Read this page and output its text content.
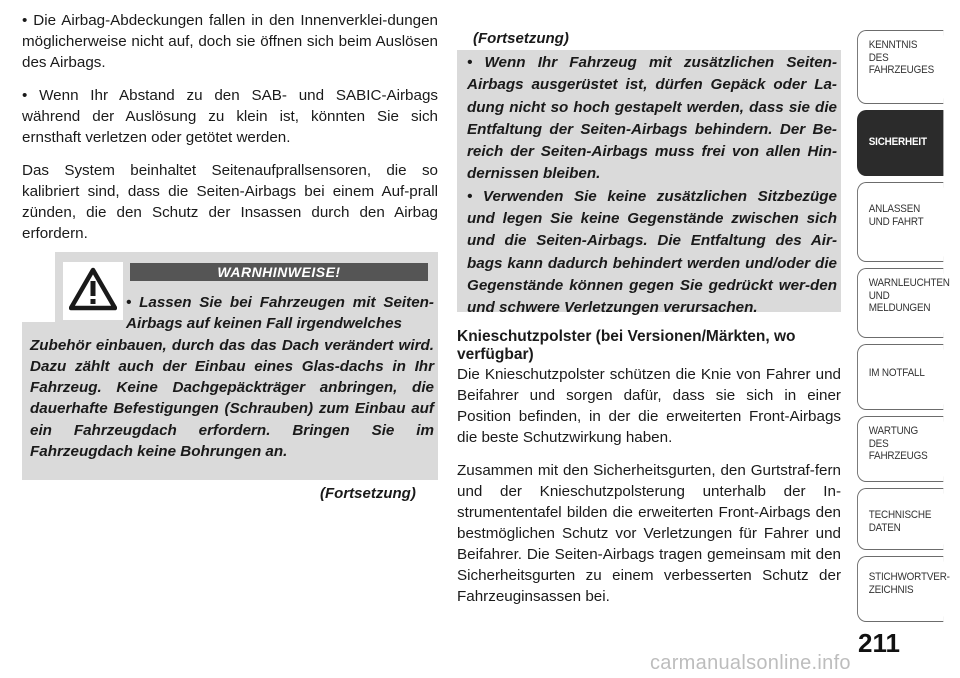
• Die Airbag-Abdeckungen fallen in den Innenverklei-dungen möglicherweise nicht auf, doch sie öffnen sich beim Auslösen des Airbags.

• Wenn Ihr Abstand zu den SAB- und SABIC-Airbags während der Auslösung zu klein ist, könnten Sie sich ernsthaft verletzen oder getötet werden.

Das System beinhaltet Seitenaufprallsensoren, die so kalibriert sind, dass die Seiten-Airbags bei einem Auf-prall zünden, die den Schutz der Insassen durch den Airbag erfordern.

WARNHINWEISE!
• Lassen Sie bei Fahrzeugen mit Seiten-Airbags auf keinen Fall irgendwelches
Zubehör einbauen, durch das das Dach verändert wird. Dazu zählt auch der Einbau eines Glas-dachs in Ihr Fahrzeug. Keine Dachgepäckträger anbringen, die dauerhafte Befestigungen (Schrauben) zum Einbau auf ein Fahrzeugdach erfordern. Bringen Sie im Fahrzeugdach keine Bohrungen an.
(Fortsetzung)
(Fortsetzung)
• Wenn Ihr Fahrzeug mit zusätzlichen Seiten-Airbags ausgerüstet ist, dürfen Gepäck oder La-dung nicht so hoch gestapelt werden, dass sie die Entfaltung der Seiten-Airbags behindern. Der Be-reich der Seiten-Airbags muss frei von allen Hin-dernissen bleiben.
• Verwenden Sie keine zusätzlichen Sitzbezüge und legen Sie keine Gegenstände zwischen sich und die Seiten-Airbags. Die Entfaltung des Air-bags kann dadurch behindert werden und/oder die Gegenstände können gegen Sie gedrückt wer-den und schwere Verletzungen verursachen.
Knieschutzpolster (bei Versionen/Märkten, wo verfügbar)

Die Knieschutzpolster schützen die Knie von Fahrer und Beifahrer und sorgen dafür, dass sie sich in einer Position befinden, in der die erweiterten Front-Airbags die beste Schutzwirkung haben.

Zusammen mit den Sicherheitsgurten, den Gurtstraf-fern und der Knieschutzpolsterung unterhalb der In-strumententafel bilden die erweiterten Front-Airbags den bestmöglichen Schutz vor Verletzungen für Fahrer und Beifahrer. Die Seiten-Airbags tragen gemeinsam mit den Sicherheitsgurten zu einem verbesserten Schutz der Fahrzeuginsassen bei.

KENNTNIS
DES
FAHRZEUGES
SICHERHEIT
ANLASSEN
UND FAHRT
WARNLEUCHTEN
UND
MELDUNGEN
IM NOTFALL
WARTUNG
DES
FAHRZEUGS
TECHNISCHE
DATEN
STICHWORTVER-
ZEICHNIS
211
carmanualsonline.info
